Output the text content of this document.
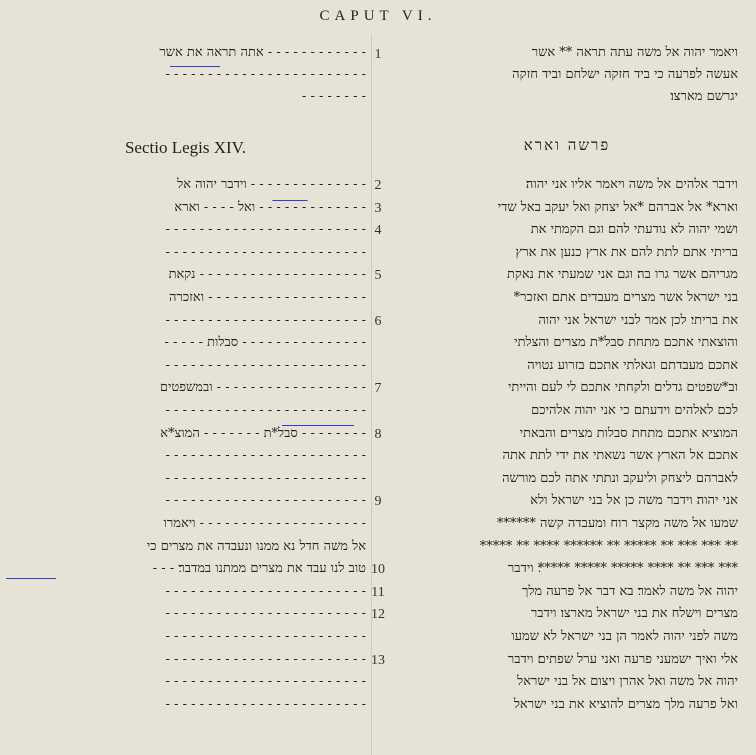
CAPUT VI.
פרשה וארא
Sectio Legis XIV.
1
2
3
4
5
6
7
8
9
10
11
12
13
ויאמר יהוה אל משה עתה תראה ** אשר
אעשה לפרעה כי ביד חזקה ישלחם וביד חזקה
יגרשם מארצו׃
וידבר אלהים אל משה ויאמר אליו אני יהוה׃
וארא* אל אברהם *אל יצחק ואל יעקב באל שדי
ושמי יהוה לא נודעתי להם׃ וגם הקמתי את
בריתי אתם לתת להם את ארץ כנען את ארץ
מגריהם אשר גרו בה׃ וגם אני שמעתי את נאקת
בני ישראל אשר מצרים מעבדים אתם ואזכר*
את בריתי׃ לכן אמר לבני ישראל אני יהוה
והוצאתי אתכם מתחת סבל*ת מצרים והצלתי
אתכם מעבדתם וגאלתי אתכם בזרוע נטויה
וב*שפטים גדלים׃ ולקחתי אתכם לי לעם והייתי
לכם לאלהים וידעתם כי אני יהוה אלהיכם
המוציא אתכם מתחת סבלות מצרים׃ והבאתי
אתכם אל הארץ אשר נשאתי את ידי לתת אתה
לאברהם ליצחק וליעקב ונתתי אתה לכם מורשה
אני יהוה׃ וידבר משה כן אל בני ישראל ולא
שמעו אל משה מקצר רוח ומעבדה קשה ******
** *** *** ** ***** ** ****** **** ** *****
*** *** ** **** ***** ***** *****׃ וידבר
יהוה אל משה לאמר׃ בא דבר אל פרעה מלך
מצרים וישלח את בני ישראל מארצו׃ וידבר
משה לפני יהוה לאמר הן בני ישראל לא שמעו
אלי ואיך ישמעני פרעה ואני ערל שפתים׃ וידבר
יהוה אל משה ואל אהרן ויצום אל בני ישראל
ואל פרעה מלך מצרים להוציא את בני ישראל
- - - - - - - - - - - - אתה תראה את אשר
- - - - - - - - - - - - - - - - - - - - - - - -
- - - - - - - -
- - - - - - - - - - - - - - וידבר יהוה אל
- - - - - - - - - - - - - ואל - - - - וארא
- - - - - - - - - - - - - - - - - - - - - - - -
- - - - - - - - - - - - - - - - - - - - - - - -
- - - - - - - - - - - - - - - - - - - - נקאת
- - - - - - - - - - - - - - - - - - - ואזכרה
- - - - - - - - - - - - - - - - - - - - - - - -
- - - - - - - - - - - - - - - סבלות - - - - -
- - - - - - - - - - - - - - - - - - - - - - - -
- - - - - - - - - - - - - - - - - - ובמשפטים
- - - - - - - - - - - - - - - - - - - - - - - -
- - - - - - - - סבל*ת - - - - - - - המוצ*א
- - - - - - - - - - - - - - - - - - - - - - - -
- - - - - - - - - - - - - - - - - - - - - - - -
- - - - - - - - - - - - - - - - - - - - - - - -
- - - - - - - - - - - - - - - - - - - - ויאמרו
אל משה חדל נא ממנו ונעבדה את מצרים כי
טוב לנו עבד את מצרים ממתנו במדבר׃ - - -
- - - - - - - - - - - - - - - - - - - - - - - -
- - - - - - - - - - - - - - - - - - - - - - - -
- - - - - - - - - - - - - - - - - - - - - - - -
- - - - - - - - - - - - - - - - - - - - - - - -
- - - - - - - - - - - - - - - - - - - - - - - -
- - - - - - - - - - - - - - - - - - - - - - - -
